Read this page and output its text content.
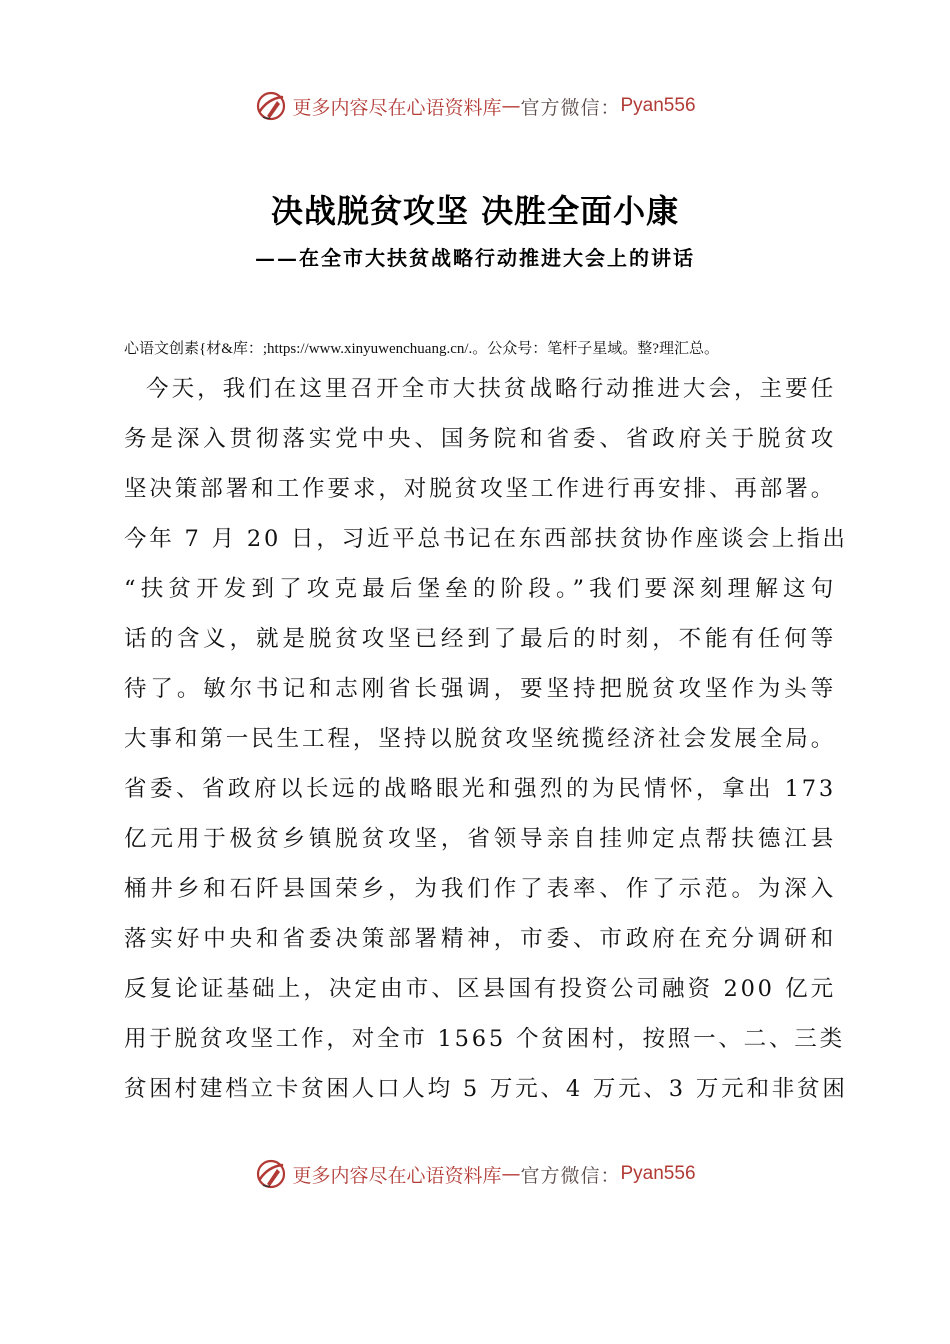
更多内容尽在心语资料库 — 官方微信： Pyan556
决战脱贫攻坚 决胜全面小康
——在全市大扶贫战略行动推进大会上的讲话
心语文创素{材&库：;https://www.xinyuwenchuang.cn/.。公众号：笔杆子星域。整?理汇总。
今天，我们在这里召开全市大扶贫战略行动推进大会，主要任
务是深入贯彻落实党中央、国务院和省委、省政府关于脱贫攻
坚决策部署和工作要求，对脱贫攻坚工作进行再安排、再部署。
今年 7 月 20 日，习近平总书记在东西部扶贫协作座谈会上指出
“扶贫开发到了攻克最后堡垒的阶段。”我们要深刻理解这句
话的含义，就是脱贫攻坚已经到了最后的时刻，不能有任何等
待了。敏尔书记和志刚省长强调，要坚持把脱贫攻坚作为头等
大事和第一民生工程，坚持以脱贫攻坚统揽经济社会发展全局。
省委、省政府以长远的战略眼光和强烈的为民情怀，拿出 173
亿元用于极贫乡镇脱贫攻坚，省领导亲自挂帅定点帮扶德江县
桶井乡和石阡县国荣乡，为我们作了表率、作了示范。为深入
落实好中央和省委决策部署精神，市委、市政府在充分调研和
反复论证基础上，决定由市、区县国有投资公司融资 200 亿元
用于脱贫攻坚工作，对全市 1565 个贫困村，按照一、二、三类
贫困村建档立卡贫困人口人均 5 万元、4 万元、3 万元和非贫困
更多内容尽在心语资料库 — 官方微信： Pyan556
